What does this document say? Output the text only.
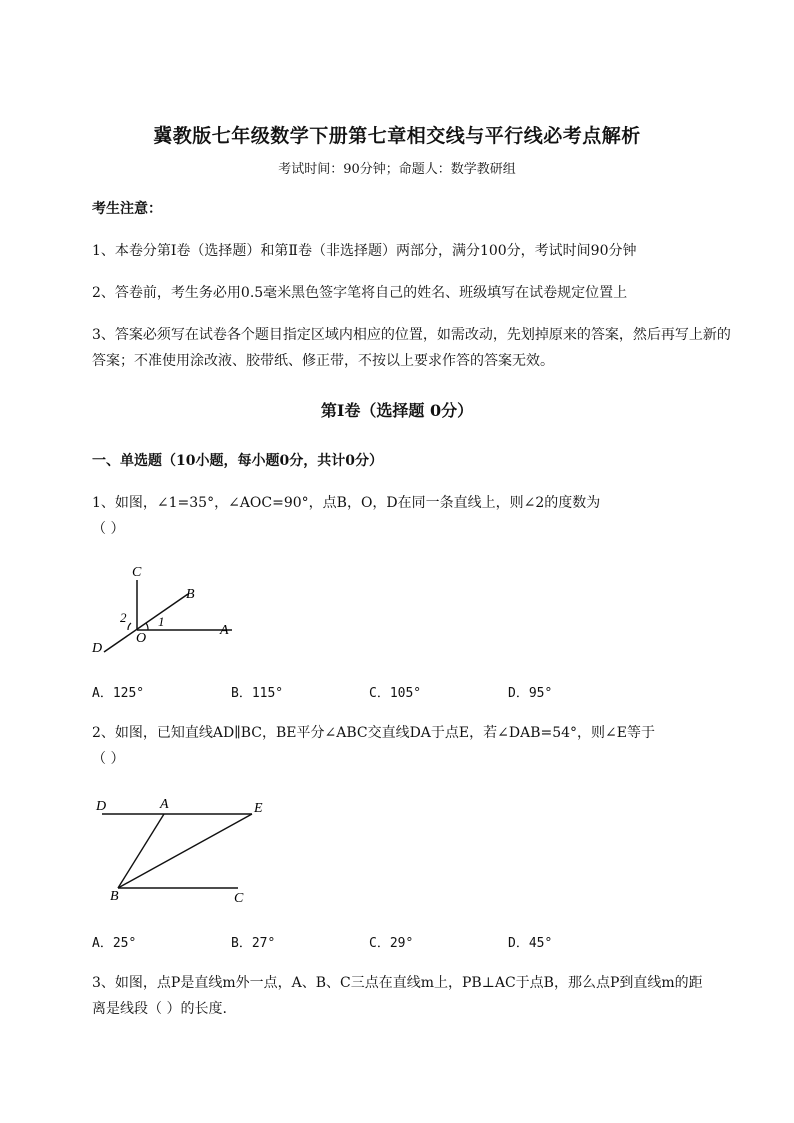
冀教版七年级数学下册第七章相交线与平行线必考点解析
考试时间：90分钟；命题人：数学教研组
考生注意：
1、本卷分第I卷（选择题）和第Ⅱ卷（非选择题）两部分，满分100分，考试时间90分钟
2、答卷前，考生务必用0.5毫米黑色签字笔将自己的姓名、班级填写在试卷规定位置上
3、答案必须写在试卷各个题目指定区域内相应的位置，如需改动，先划掉原来的答案，然后再写上新的答案；不准使用涂改液、胶带纸、修正带，不按以上要求作答的答案无效。
第I卷（选择题 0分）
一、单选题（10小题，每小题0分，共计0分）
1、如图，∠1=35°，∠AOC=90°，点B，O，D在同一条直线上，则∠2的度数为
（ ）
C
B
A
D
O
1
2
A．125°	B．115°	C．105°	D．95°
2、如图，已知直线AD∥BC，BE平分∠ABC交直线DA于点E，若∠DAB=54°，则∠E等于
（ ）
D	A	E
B	C
A．25°	B．27°	C．29°	D．45°
3、如图，点P是直线m外一点，A、B、C三点在直线m上，PB⊥AC于点B，那么点P到直线m的距
离是线段（ ）的长度.
